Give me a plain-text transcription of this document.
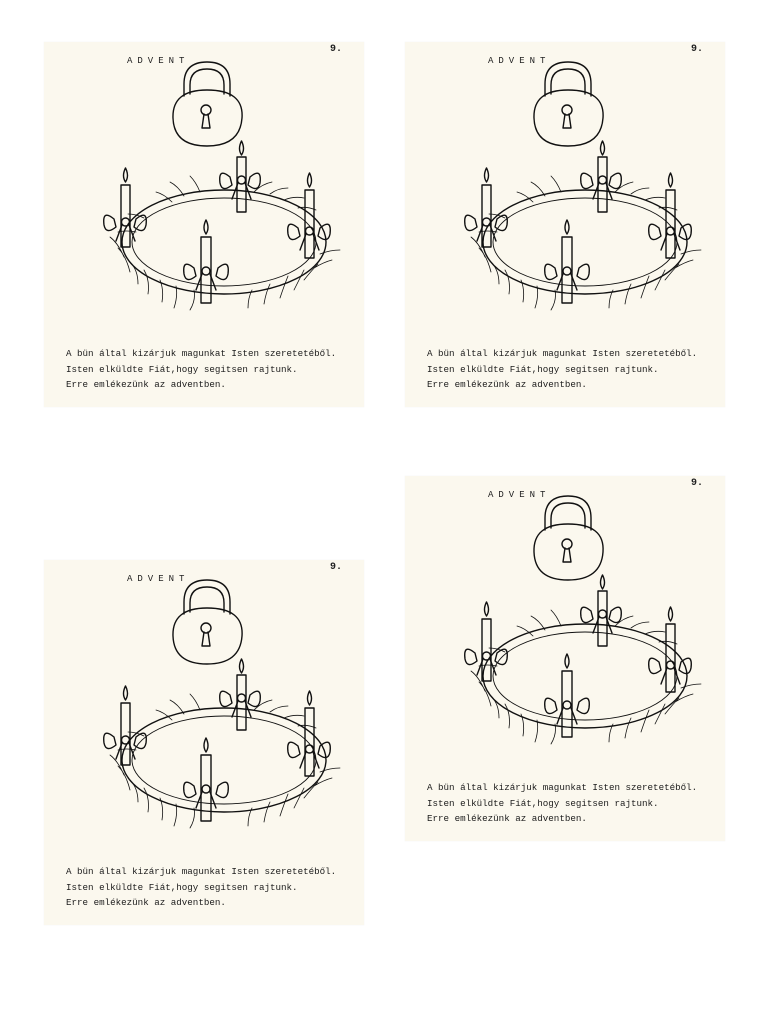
ADVENT
9.
A bün által kizárjuk magunkat Isten szeretetéből.
Isten elküldte Fiát,hogy segitsen rajtunk.
Erre emlékezünk az adventben.
ADVENT
9.
A bün által kizárjuk magunkat Isten szeretetéből.
Isten elküldte Fiát,hogy segitsen rajtunk.
Erre emlékezünk az adventben.
ADVENT
9.
A bün által kizárjuk magunkat Isten szeretetéből.
Isten elküldte Fiát,hogy segitsen rajtunk.
Erre emlékezünk az adventben.
ADVENT
9.
A bün által kizárjuk magunkat Isten szeretetéből.
Isten elküldte Fiát,hogy segitsen rajtunk.
Erre emlékezünk az adventben.
